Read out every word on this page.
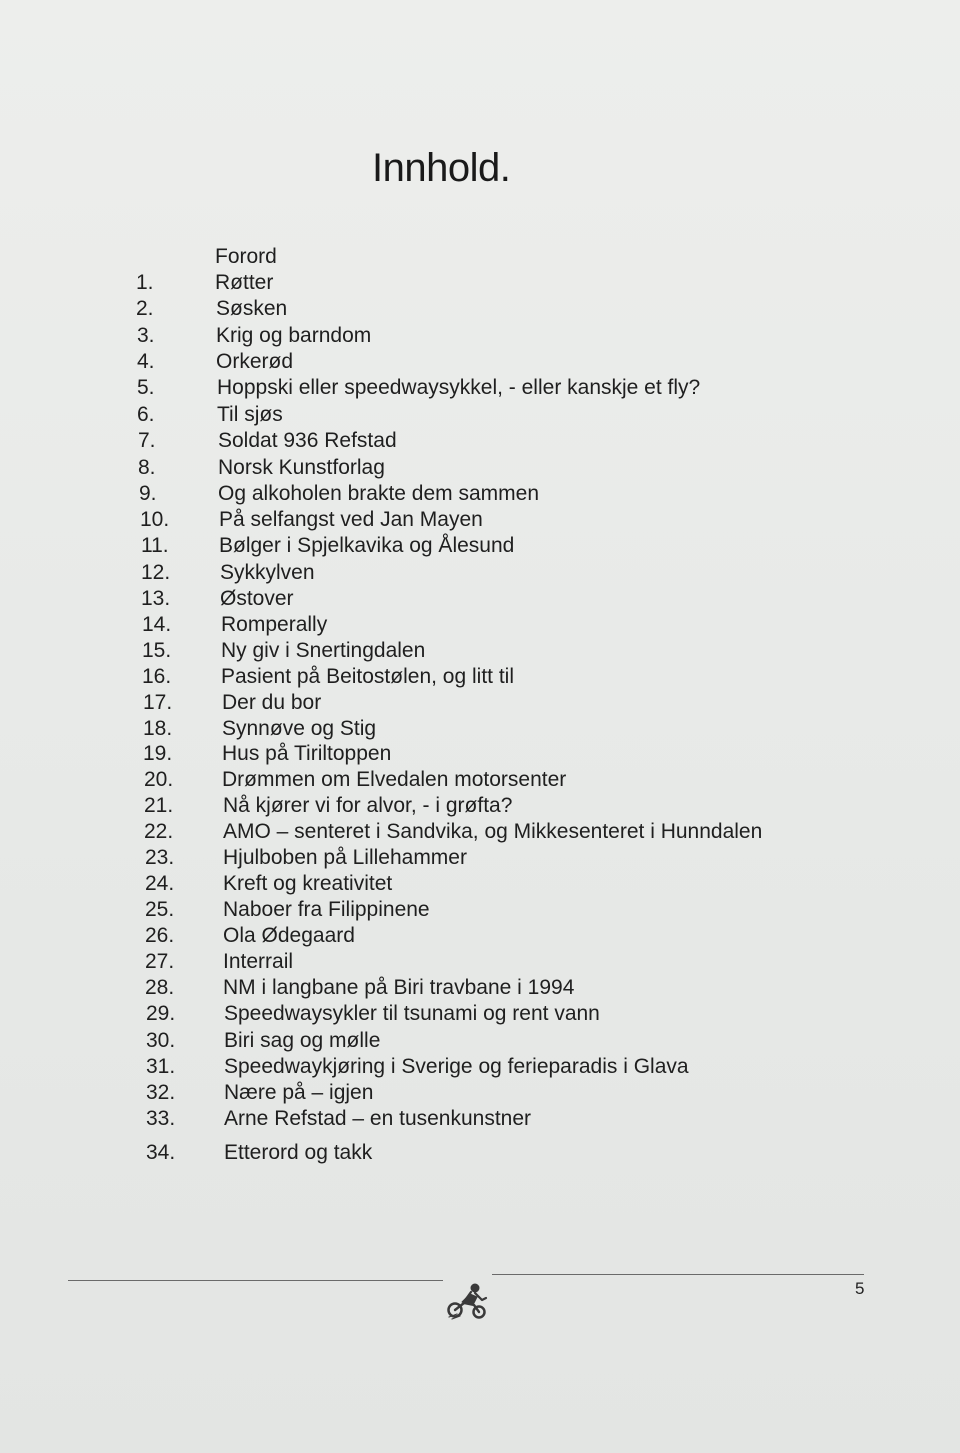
Innhold.
Forord
1.	Røtter
2.	Søsken
3.	Krig og barndom
4.	Orkerød
5.	Hoppski eller speedwaysykkel, - eller kanskje et fly?
6.	Til sjøs
7.	Soldat 936 Refstad
8.	Norsk Kunstforlag
9.	Og alkoholen brakte dem sammen
10. På selfangst ved Jan Mayen
11. Bølger i Spjelkavika og Ålesund
12. Sykkylven
13. Østover
14. Romperally
15. Ny giv i Snertingdalen
16. Pasient på Beitostølen, og litt til
17. Der du bor
18. Synnøve og Stig
19. Hus på Tiriltoppen
20. Drømmen om Elvedalen motorsenter
21. Nå kjører vi for alvor, - i grøfta?
22. AMO – senteret i Sandvika, og Mikkesenteret i Hunndalen
23. Hjulboben på Lillehammer
24. Kreft og kreativitet
25. Naboer fra Filippinene
26. Ola Ødegaard
27. Interrail
28. NM i langbane på Biri travbane i 1994
29. Speedwaysykler til tsunami og rent vann
30. Biri sag og mølle
31. Speedwaykjøring i Sverige og ferieparadis i Glava
32. Nære på – igjen
33. Arne Refstad – en tusenkunstner
34. Etterord og takk
5
